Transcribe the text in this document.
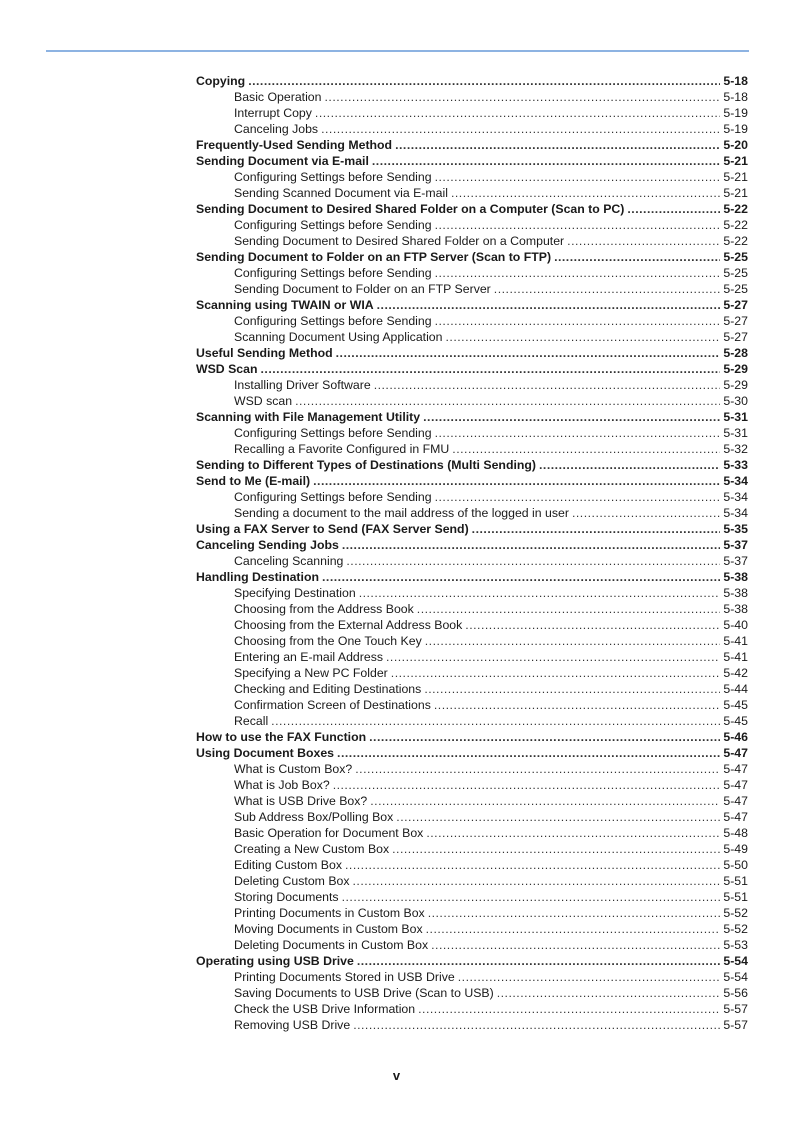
Copying .....	5-18
Basic Operation .....	5-18
Interrupt Copy .....	5-19
Canceling Jobs .....	5-19
Frequently-Used Sending Method .....	5-20
Sending Document via E-mail .....	5-21
Configuring Settings before Sending .....	5-21
Sending Scanned Document via E-mail .....	5-21
Sending Document to Desired Shared Folder on a Computer (Scan to PC) .....	5-22
Configuring Settings before Sending .....	5-22
Sending Document to Desired Shared Folder on a Computer .....	5-22
Sending Document to Folder on an FTP Server (Scan to FTP) .....	5-25
Configuring Settings before Sending .....	5-25
Sending Document to Folder on an FTP Server .....	5-25
Scanning using TWAIN or WIA .....	5-27
Configuring Settings before Sending .....	5-27
Scanning Document Using Application .....	5-27
Useful Sending Method .....	5-28
WSD Scan .....	5-29
Installing Driver Software .....	5-29
WSD scan .....	5-30
Scanning with File Management Utility .....	5-31
Configuring Settings before Sending .....	5-31
Recalling a Favorite Configured in FMU .....	5-32
Sending to Different Types of Destinations (Multi Sending) .....	5-33
Send to Me (E-mail) .....	5-34
Configuring Settings before Sending .....	5-34
Sending a document to the mail address of the logged in user .....	5-34
Using a FAX Server to Send (FAX Server Send) .....	5-35
Canceling Sending Jobs .....	5-37
Canceling Scanning .....	5-37
Handling Destination .....	5-38
Specifying Destination .....	5-38
Choosing from the Address Book .....	5-38
Choosing from the External Address Book .....	5-40
Choosing from the One Touch Key .....	5-41
Entering an E-mail Address .....	5-41
Specifying a New PC Folder .....	5-42
Checking and Editing Destinations .....	5-44
Confirmation Screen of Destinations .....	5-45
Recall .....	5-45
How to use the FAX Function .....	5-46
Using Document Boxes .....	5-47
What is Custom Box? .....	5-47
What is Job Box? .....	5-47
What is USB Drive Box? .....	5-47
Sub Address Box/Polling Box .....	5-47
Basic Operation for Document Box .....	5-48
Creating a New Custom Box .....	5-49
Editing Custom Box .....	5-50
Deleting Custom Box .....	5-51
Storing Documents .....	5-51
Printing Documents in Custom Box .....	5-52
Moving Documents in Custom Box .....	5-52
Deleting Documents in Custom Box .....	5-53
Operating using USB Drive .....	5-54
Printing Documents Stored in USB Drive .....	5-54
Saving Documents to USB Drive (Scan to USB) .....	5-56
Check the USB Drive Information .....	5-57
Removing USB Drive .....	5-57
v
